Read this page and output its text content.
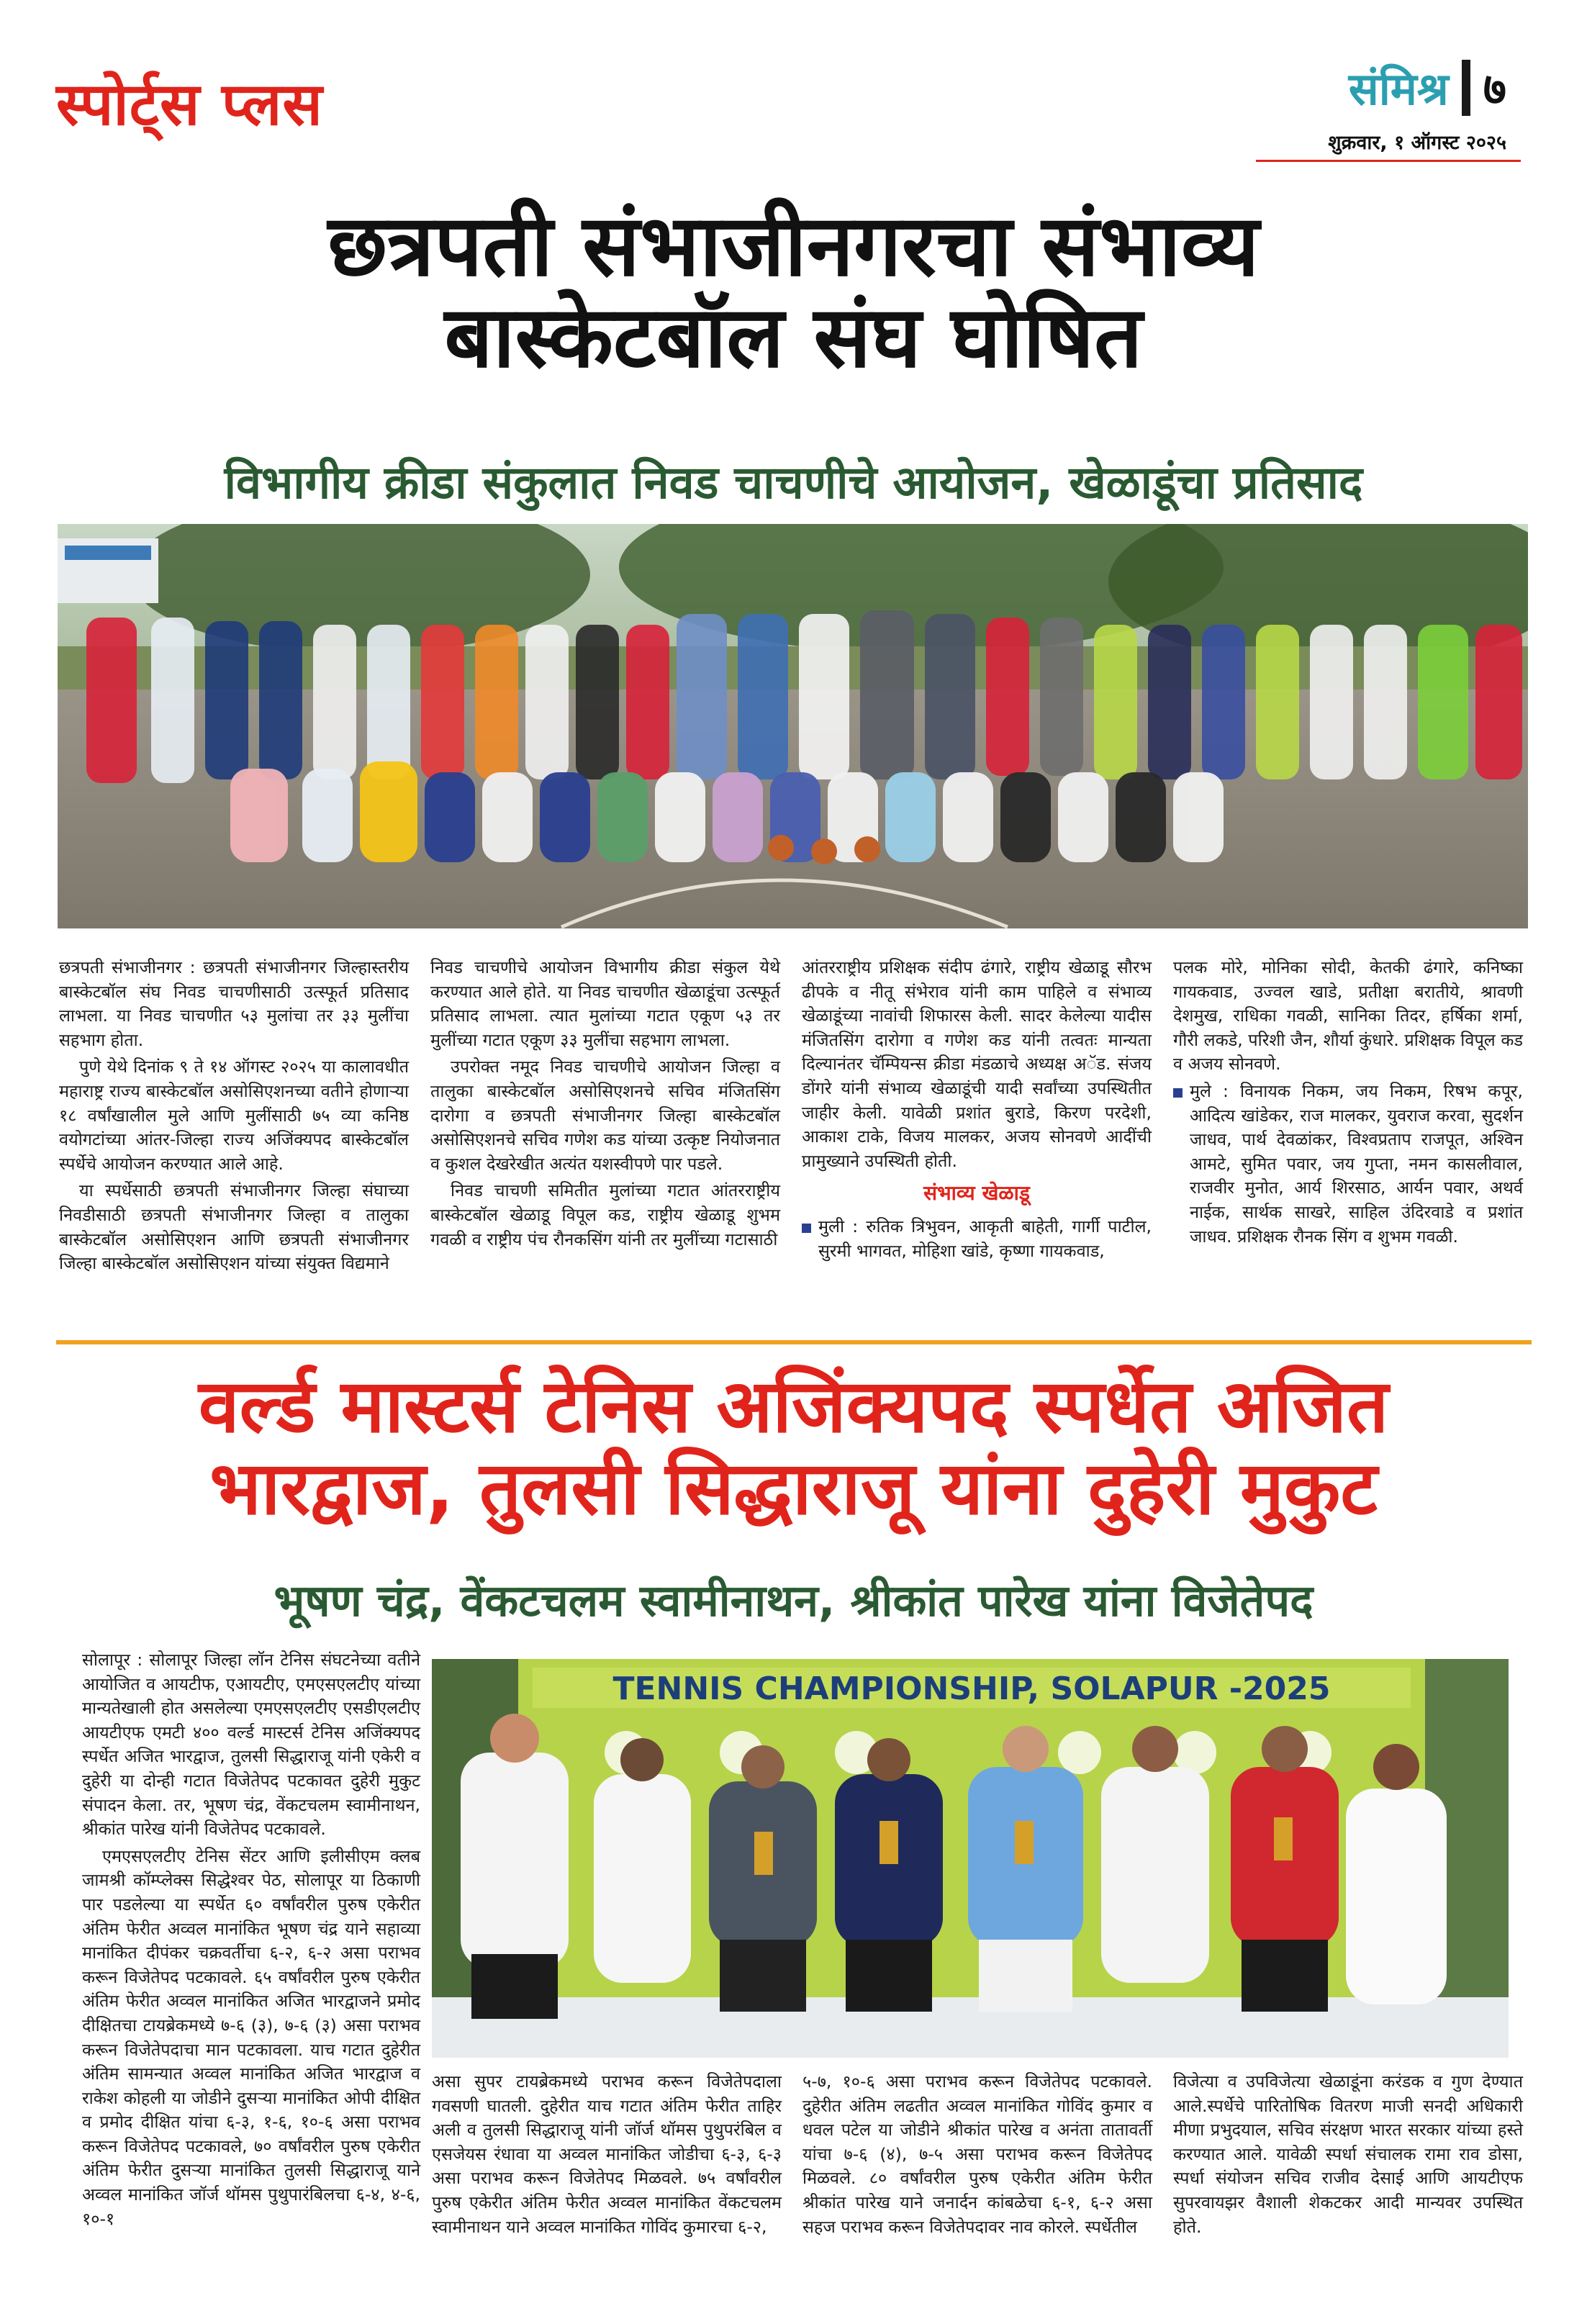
स्पोर्ट्स प्लस	संमिश्र ७
शुक्रवार, १ ऑगस्ट २०२५
छत्रपती संभाजीनगरचा संभाव्य
बास्केटबॉल संघ घोषित
विभागीय क्रीडा संकुलात निवड चाचणीचे आयोजन, खेळाडूंचा प्रतिसाद

छत्रपती संभाजीनगर : छत्रपती संभाजीनगर जिल्हास्तरीय बास्केटबॉल संघ निवड चाचणीसाठी उत्स्फूर्त प्रतिसाद लाभला. या निवड चाचणीत ५३ मुलांचा तर ३३ मुलींचा सहभाग होता.

पुणे येथे दिनांक ९ ते १४ ऑगस्ट २०२५ या कालावधीत महाराष्ट्र राज्य बास्केटबॉल असोसिएशनच्या वतीने होणाऱ्या १८ वर्षांखालील मुले आणि मुलींसाठी ७५ व्या कनिष्ठ वयोगटांच्या आंतर-जिल्हा राज्य अजिंक्यपद बास्केटबॉल स्पर्धेचे आयोजन करण्यात आले आहे.

या स्पर्धेसाठी छत्रपती संभाजीनगर जिल्हा संघाच्या निवडीसाठी छत्रपती संभाजीनगर जिल्हा व तालुका बास्केटबॉल असोसिएशन आणि छत्रपती संभाजीनगर जिल्हा बास्केटबॉल असोसिएशन यांच्या संयुक्त विद्यमाने

निवड चाचणीचे आयोजन विभागीय क्रीडा संकुल येथे करण्यात आले होते. या निवड चाचणीत खेळाडूंचा उत्स्फूर्त प्रतिसाद लाभला. त्यात मुलांच्या गटात एकूण ५३ तर मुलींच्या गटात एकूण ३३ मुलींचा सहभाग लाभला.

उपरोक्त नमूद निवड चाचणीचे आयोजन जिल्हा व तालुका बास्केटबॉल असोसिएशनचे सचिव मंजितसिंग दारोगा व छत्रपती संभाजीनगर जिल्हा बास्केटबॉल असोसिएशनचे सचिव गणेश कड यांच्या उत्कृष्ट नियोजनात व कुशल देखरेखीत अत्यंत यशस्वीपणे पार पडले.

निवड चाचणी समितीत मुलांच्या गटात आंतरराष्ट्रीय बास्केटबॉल खेळाडू विपूल कड, राष्ट्रीय खेळाडू शुभम गवळी व राष्ट्रीय पंच रौनकसिंग यांनी तर मुलींच्या गटासाठी

आंतरराष्ट्रीय प्रशिक्षक संदीप ढंगारे, राष्ट्रीय खेळाडू सौरभ ढीपके व नीतू संभेराव यांनी काम पाहिले व संभाव्य खेळाडूंच्या नावांची शिफारस केली. सादर केलेल्या यादीस मंजितसिंग दारोगा व गणेश कड यांनी तत्वतः मान्यता दिल्यानंतर चॅम्पियन्स क्रीडा मंडळाचे अध्यक्ष अॅड. संजय डोंगरे यांनी संभाव्य खेळाडूंची यादी सर्वांच्या उपस्थितीत जाहीर केली. यावेळी प्रशांत बुराडे, किरण परदेशी, आकाश टाके, विजय मालकर, अजय सोनवणे आदींची प्रामुख्याने उपस्थिती होती.

संभाव्य खेळाडू
मुली : रुतिक त्रिभुवन, आकृती बाहेती, गार्गी पाटील, सुरमी भागवत, मोहिशा खांडे, कृष्णा गायकवाड,

पलक मोरे, मोनिका सोदी, केतकी ढंगारे, कनिष्का गायकवाड, उज्वल खाडे, प्रतीक्षा बरातीये, श्रावणी देशमुख, राधिका गवळी, सानिका तिदर, हर्षिका शर्मा, गौरी लकडे, परिशी जैन, शौर्या कुंधारे. प्रशिक्षक विपूल कड व अजय सोनवणे.

मुले : विनायक निकम, जय निकम, रिषभ कपूर, आदित्य खांडेकर, राज मालकर, युवराज करवा, सुदर्शन जाधव, पार्थ देवळांकर, विश्वप्रताप राजपूत, अश्विन आमटे, सुमित पवार, जय गुप्ता, नमन कासलीवाल, राजवीर मुनोत, आर्य शिरसाठ, आर्यन पवार, अथर्व नाईक, सार्थक साखरे, साहिल उंदिरवाडे व प्रशांत जाधव. प्रशिक्षक रौनक सिंग व शुभम गवळी.
वर्ल्ड मास्टर्स टेनिस अजिंक्यपद स्पर्धेत अजित
भारद्वाज, तुलसी सिद्धाराजू यांना दुहेरी मुकुट
भूषण चंद्र, वेंकटचलम स्वामीनाथन, श्रीकांत पारेख यांना विजेतेपद

सोलापूर : सोलापूर जिल्हा लॉन टेनिस संघटनेच्या वतीने आयोजित व आयटीफ, एआयटीए, एमएसएलटीए यांच्या मान्यतेखाली होत असलेल्या एमएसएलटीए एसडीएलटीए आयटीएफ एमटी ४०० वर्ल्ड मास्टर्स टेनिस अजिंक्यपद स्पर्धेत अजित भारद्वाज, तुलसी सिद्धाराजू यांनी एकेरी व दुहेरी या दोन्ही गटात विजेतेपद पटकावत दुहेरी मुकुट संपादन केला. तर, भूषण चंद्र, वेंकटचलम स्वामीनाथन, श्रीकांत पारेख यांनी विजेतेपद पटकावले.

एमएसएलटीए टेनिस सेंटर आणि इलीसीएम क्लब जामश्री कॉम्प्लेक्स सिद्धेश्वर पेठ, सोलापूर या ठिकाणी पार पडलेल्या या स्पर्धेत ६० वर्षांवरील पुरुष एकेरीत अंतिम फेरीत अव्वल मानांकित भूषण चंद्र याने सहाव्या मानांकित दीपंकर चक्रवर्तीचा ६-२, ६-२ असा पराभव करून विजेतेपद पटकावले. ६५ वर्षांवरील पुरुष एकेरीत अंतिम फेरीत अव्वल मानांकित अजित भारद्वाजने प्रमोद दीक्षितचा टायब्रेकमध्ये ७-६ (३), ७-६ (३) असा पराभव करून विजेतेपदाचा मान पटकावला. याच गटात दुहेरीत अंतिम सामन्यात अव्वल मानांकित अजित भारद्वाज व राकेश कोहली या जोडीने दुसऱ्या मानांकित ओपी दीक्षित व प्रमोद दीक्षित यांचा ६-३, १-६, १०-६ असा पराभव करून विजेतेपद पटकावले, ७० वर्षांवरील पुरुष एकेरीत अंतिम फेरीत दुसऱ्या मानांकित तुलसी सिद्धाराजू याने अव्वल मानांकित जॉर्ज थॉमस पुथुपारंबिलचा ६-४, ४-६, १०-१

TENNIS CHAMPIONSHIP, SOLAPUR -2025

असा सुपर टायब्रेकमध्ये पराभव करून विजेतेपदाला गवसणी घातली. दुहेरीत याच गटात अंतिम फेरीत ताहिर अली व तुलसी सिद्धाराजू यांनी जॉर्ज थॉमस पुथुपरंबिल व एसजेयस रंधावा या अव्वल मानांकित जोडीचा ६-३, ६-३ असा पराभव करून विजेतेपद मिळवले. ७५ वर्षांवरील पुरुष एकेरीत अंतिम फेरीत अव्वल मानांकित वेंकटचलम स्वामीनाथन याने अव्वल मानांकित गोविंद कुमारचा ६-२,

५-७, १०-६ असा पराभव करून विजेतेपद पटकावले. दुहेरीत अंतिम लढतीत अव्वल मानांकित गोविंद कुमार व धवल पटेल या जोडीने श्रीकांत पारेख व अनंता तातावर्ती यांचा ७-६ (४), ७-५ असा पराभव करून विजेतेपद मिळवले. ८० वर्षांवरील पुरुष एकेरीत अंतिम फेरीत श्रीकांत पारेख याने जनार्दन कांबळेचा ६-१, ६-२ असा सहज पराभव करून विजेतेपदावर नाव कोरले. स्पर्धेतील

विजेत्या व उपविजेत्या खेळाडूंना करंडक व गुण देण्यात आले.स्पर्धेचे पारितोषिक वितरण माजी सनदी अधिकारी मीणा प्रभुदयाल, सचिव संरक्षण भारत सरकार यांच्या हस्ते करण्यात आले. यावेळी स्पर्धा संचालक रामा राव डोसा, स्पर्धा संयोजन सचिव राजीव देसाई आणि आयटीएफ सुपरवायझर वैशाली शेकटकर आदी मान्यवर उपस्थित होते.
